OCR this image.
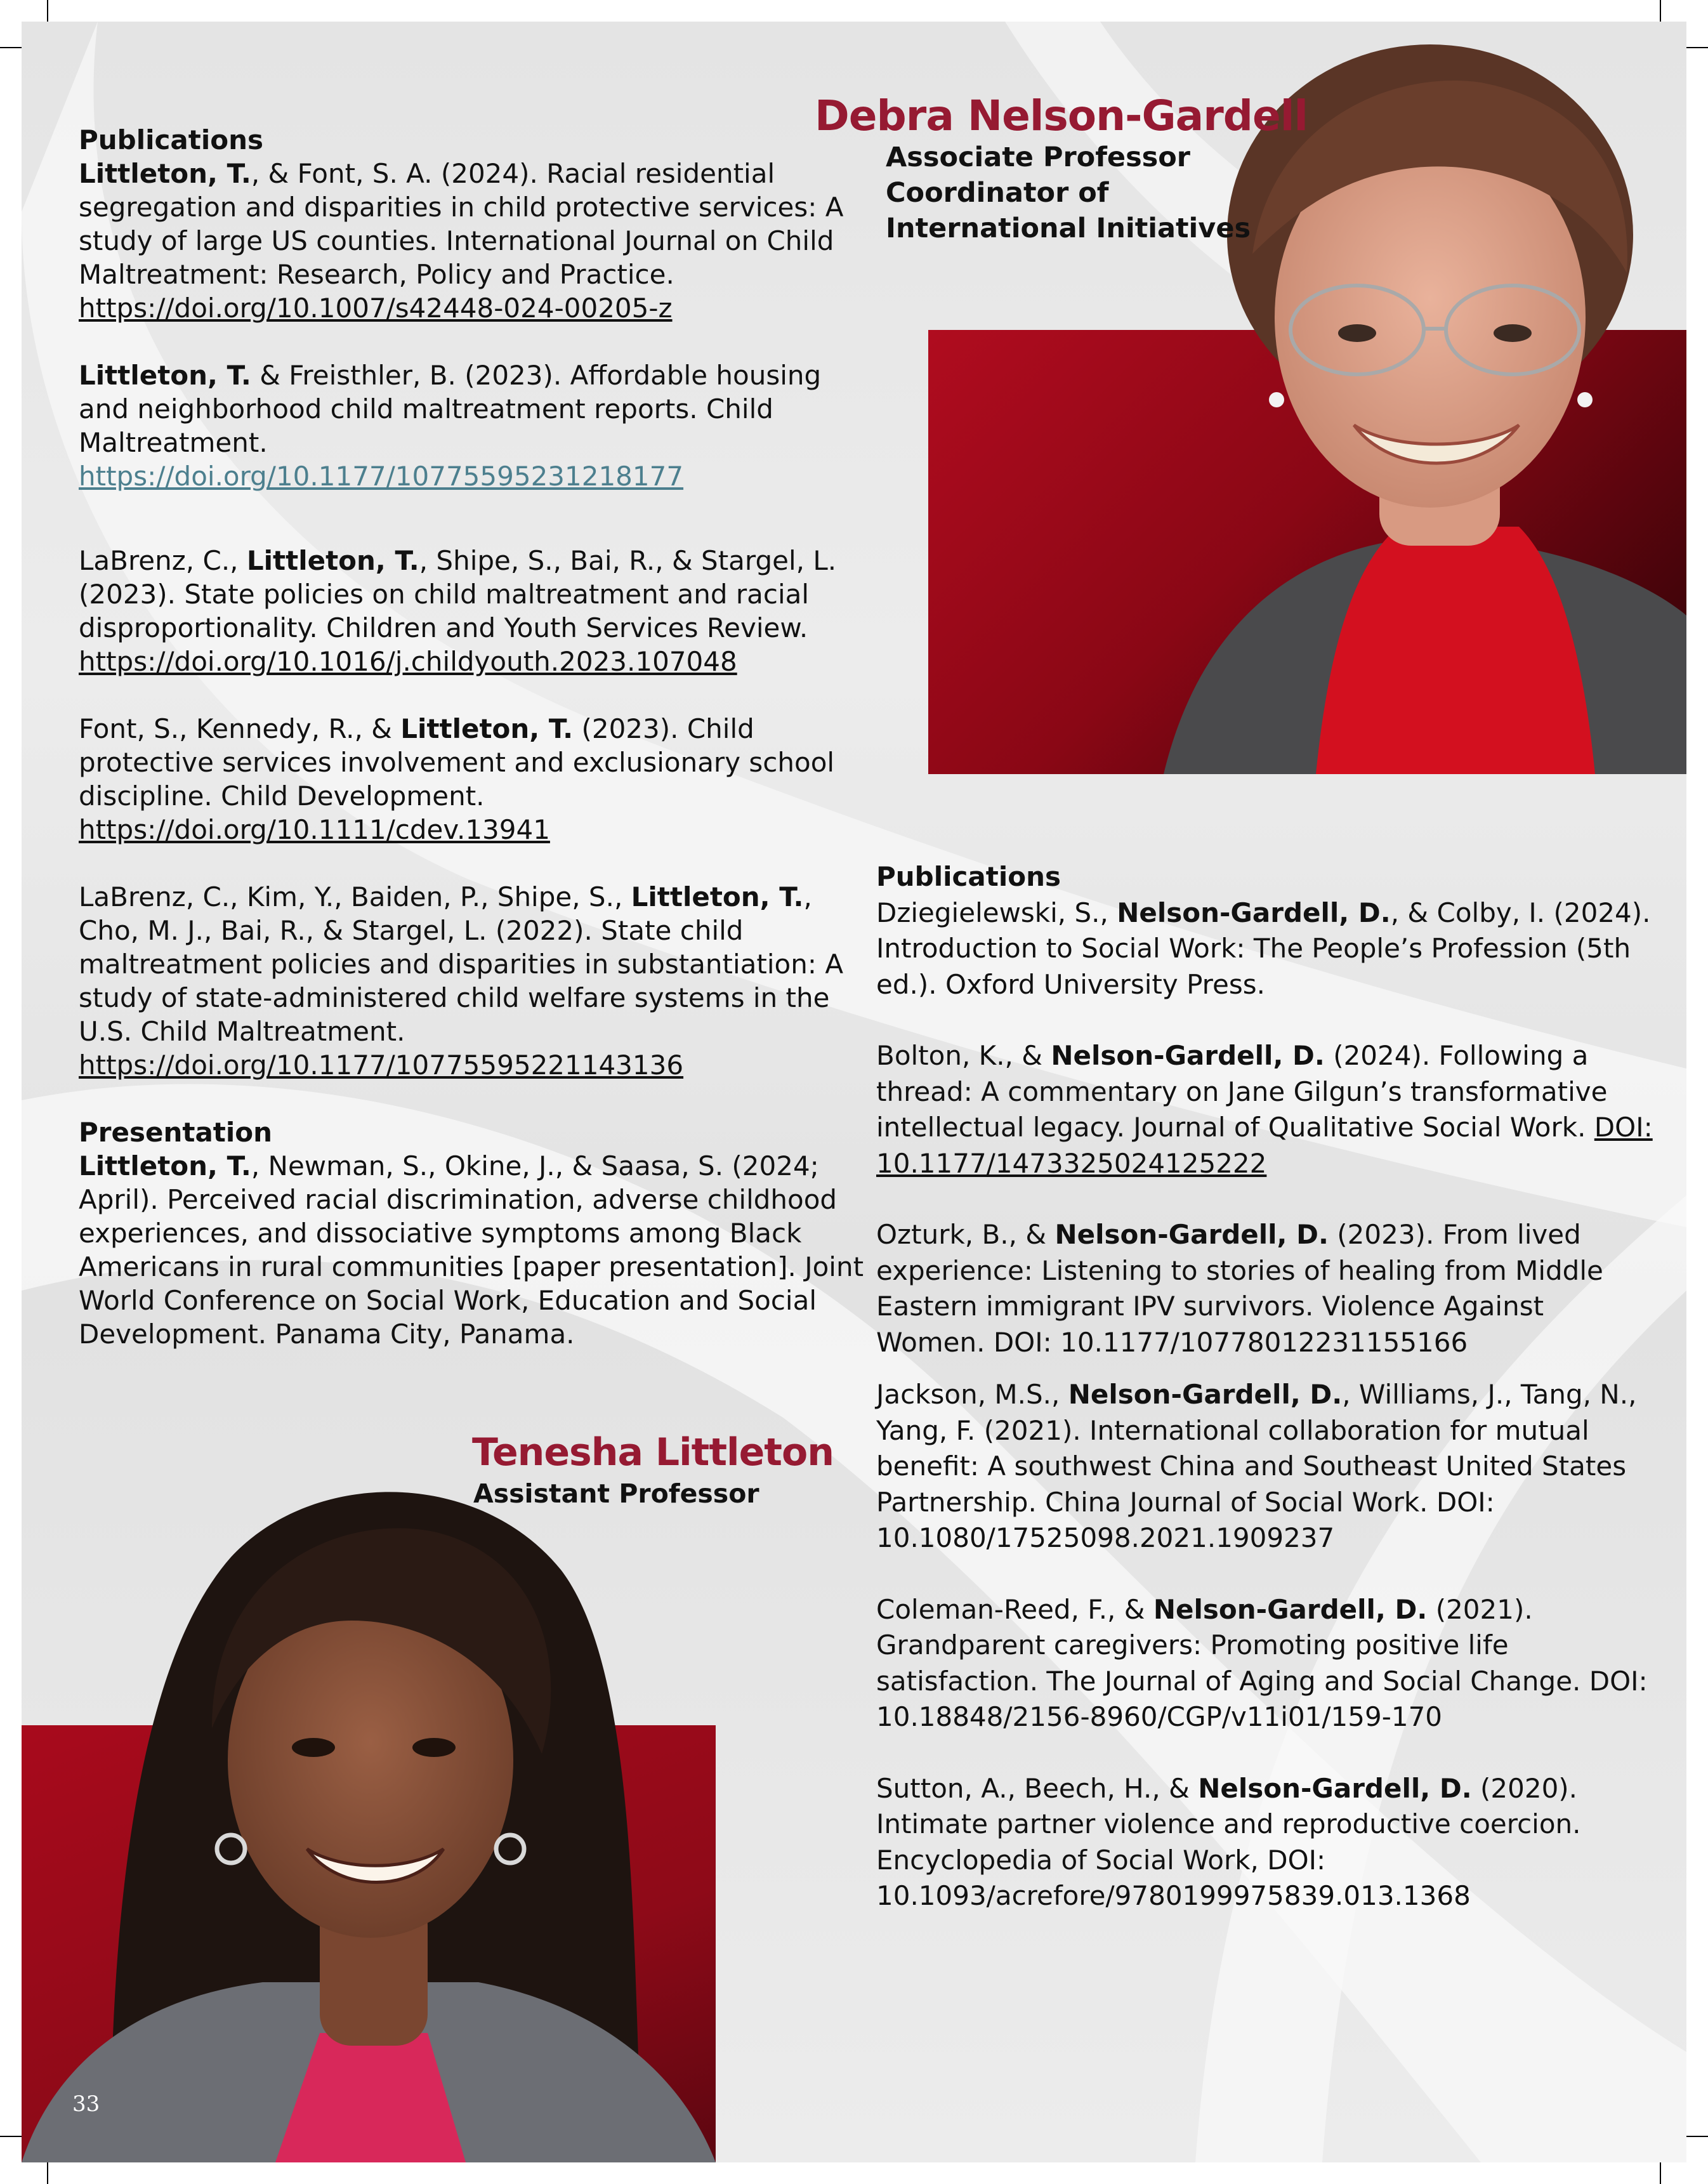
Debra Nelson-Gardell
Associate Professor
Coordinator of
International Initiatives
Tenesha Littleton
Assistant Professor

Publications

Littleton, T., & Font, S. A. (2024). Racial residential segregation and disparities in child protective services: A study of large US counties. International Journal on Child Maltreatment: Research, Policy and Practice. https://doi.org/10.1007/s42448-024-00205-z

Littleton, T. & Freisthler, B. (2023). Affordable housing and neighborhood child maltreatment reports. Child Maltreatment. https://doi.org/10.1177/10775595231218177

LaBrenz, C., Littleton, T., Shipe, S., Bai, R., & Stargel, L. (2023). State policies on child maltreatment and racial disproportionality. Children and Youth Services Review. https://doi.org/10.1016/j.childyouth.2023.107048

Font, S., Kennedy, R., & Littleton, T. (2023). Child protective services involvement and exclusionary school discipline. Child Development. https://doi.org/10.1111/cdev.13941

LaBrenz, C., Kim, Y., Baiden, P., Shipe, S., Littleton, T., Cho, M. J., Bai, R., & Stargel, L. (2022). State child maltreatment policies and disparities in substantiation: A study of state-administered child welfare systems in the U.S. Child Maltreatment. https://doi.org/10.1177/10775595221143136

Presentation

Littleton, T., Newman, S., Okine, J., & Saasa, S. (2024; April). Perceived racial discrimination, adverse childhood experiences, and dissociative symptoms among Black Americans in rural communities [paper presentation]. Joint World Conference on Social Work, Education and Social Development. Panama City, Panama.

Publications

Dziegielewski, S., Nelson-Gardell, D., & Colby, I. (2024). Introduction to Social Work: The People’s Profession (5th ed.). Oxford University Press.

Bolton, K., & Nelson-Gardell, D. (2024). Following a thread: A commentary on Jane Gilgun’s transformative intellectual legacy. Journal of Qualitative Social Work. DOI: 10.1177/1473325024125222

Ozturk, B., & Nelson-Gardell, D. (2023). From lived experience: Listening to stories of healing from Middle Eastern immigrant IPV survivors. Violence Against Women. DOI: 10.1177/10778012231155166

Jackson, M.S., Nelson-Gardell, D., Williams, J., Tang, N., Yang, F. (2021). International collaboration for mutual benefit: A southwest China and Southeast United States Partnership. China Journal of Social Work. DOI: 10.1080/17525098.2021.1909237

Coleman-Reed, F., & Nelson-Gardell, D. (2021). Grandparent caregivers: Promoting positive life satisfaction. The Journal of Aging and Social Change. DOI: 10.18848/2156-8960/CGP/v11i01/159-170

Sutton, A., Beech, H., & Nelson-Gardell, D. (2020). Intimate partner violence and reproductive coercion. Encyclopedia of Social Work, DOI: 10.1093/acrefore/9780199975839.013.1368

33
